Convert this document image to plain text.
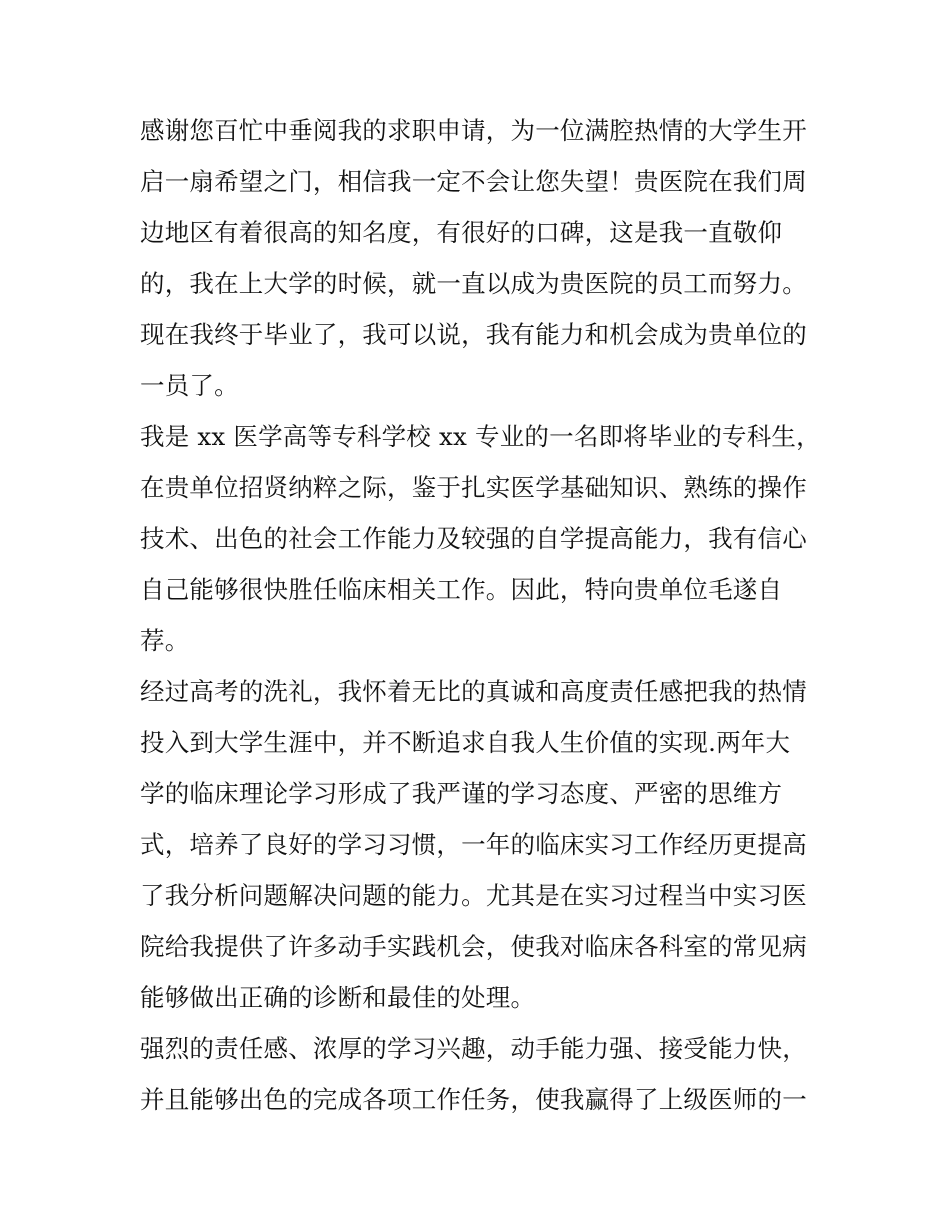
感谢您百忙中垂阅我的求职申请，为一位满腔热情的大学生开
启一扇希望之门，相信我一定不会让您失望！贵医院在我们周
边地区有着很高的知名度，有很好的口碑，这是我一直敬仰
的，我在上大学的时候，就一直以成为贵医院的员工而努力。
现在我终于毕业了，我可以说，我有能力和机会成为贵单位的
一员了。
我是 xx 医学高等专科学校 xx 专业的一名即将毕业的专科生，
在贵单位招贤纳粹之际，鉴于扎实医学基础知识、熟练的操作
技术、出色的社会工作能力及较强的自学提高能力，我有信心
自己能够很快胜任临床相关工作。因此，特向贵单位毛遂自
荐。
经过高考的洗礼，我怀着无比的真诚和高度责任感把我的热情
投入到大学生涯中，并不断追求自我人生价值的实现.两年大
学的临床理论学习形成了我严谨的学习态度、严密的思维方
式，培养了良好的学习习惯，一年的临床实习工作经历更提高
了我分析问题解决问题的能力。尤其是在实习过程当中实习医
院给我提供了许多动手实践机会，使我对临床各科室的常见病
能够做出正确的诊断和最佳的处理。
强烈的责任感、浓厚的学习兴趣，动手能力强、接受能力快，
并且能够出色的完成各项工作任务，使我赢得了上级医师的一
